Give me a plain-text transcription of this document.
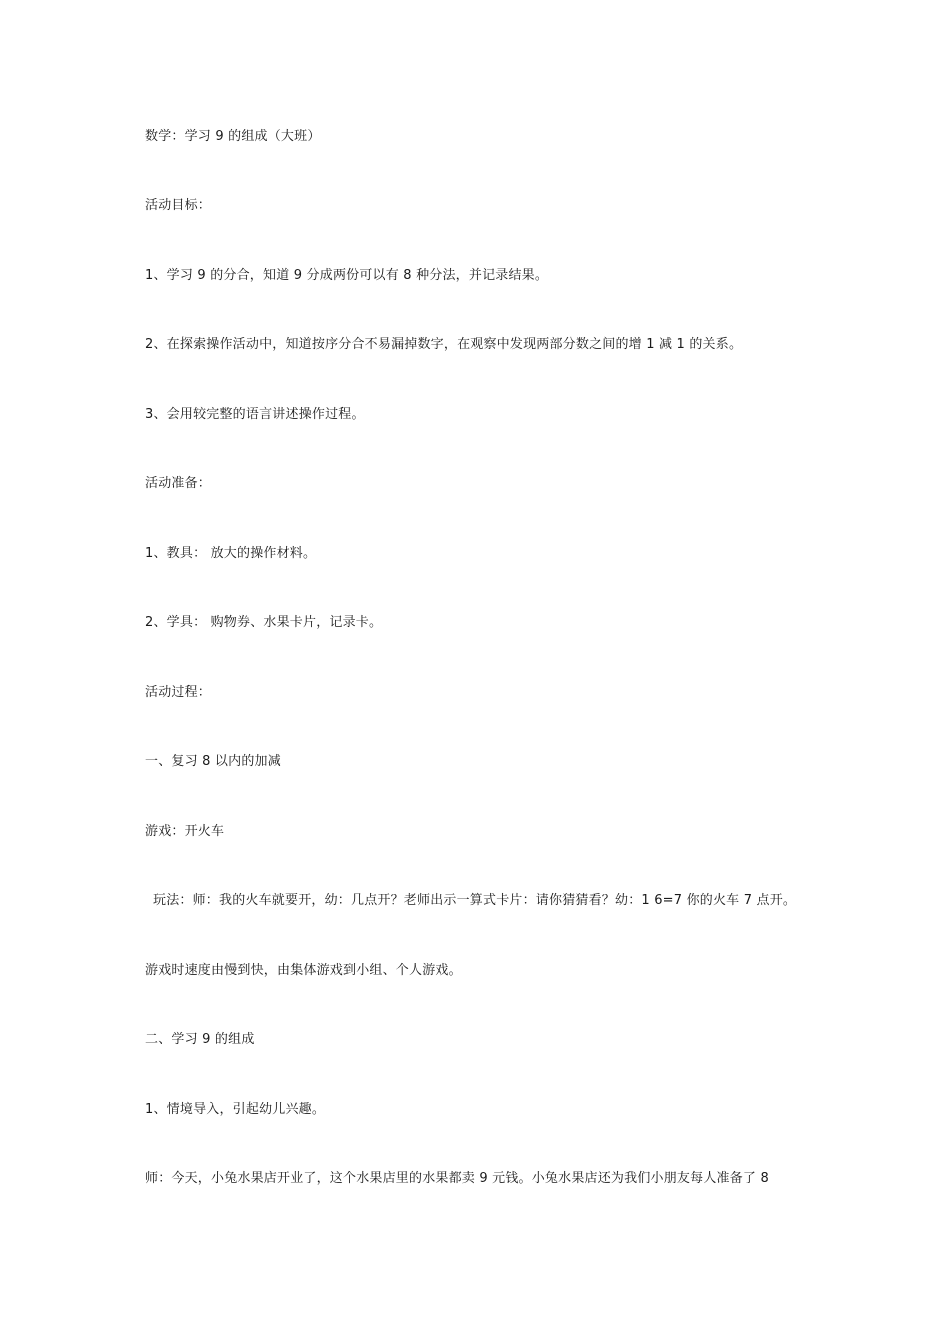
数学：学习 9 的组成（大班）
活动目标：
1、学习 9 的分合，知道 9 分成两份可以有 8 种分法，并记录结果。
2、在探索操作活动中，知道按序分合不易漏掉数字，在观察中发现两部分数之间的增 1 减 1 的关系。
3、会用较完整的语言讲述操作过程。
活动准备：
1、教具： 放大的操作材料。
2、学具： 购物券、水果卡片，记录卡。
活动过程：
一、复习 8 以内的加减
游戏：开火车
玩法：师：我的火车就要开，幼：几点开？老师出示一算式卡片：请你猜猜看？幼：1 6=7 你的火车 7 点开。
游戏时速度由慢到快，由集体游戏到小组、个人游戏。
二、学习 9 的组成
1、情境导入，引起幼儿兴趣。
师：今天，小兔水果店开业了，这个水果店里的水果都卖 9 元钱。小兔水果店还为我们小朋友每人准备了 8
